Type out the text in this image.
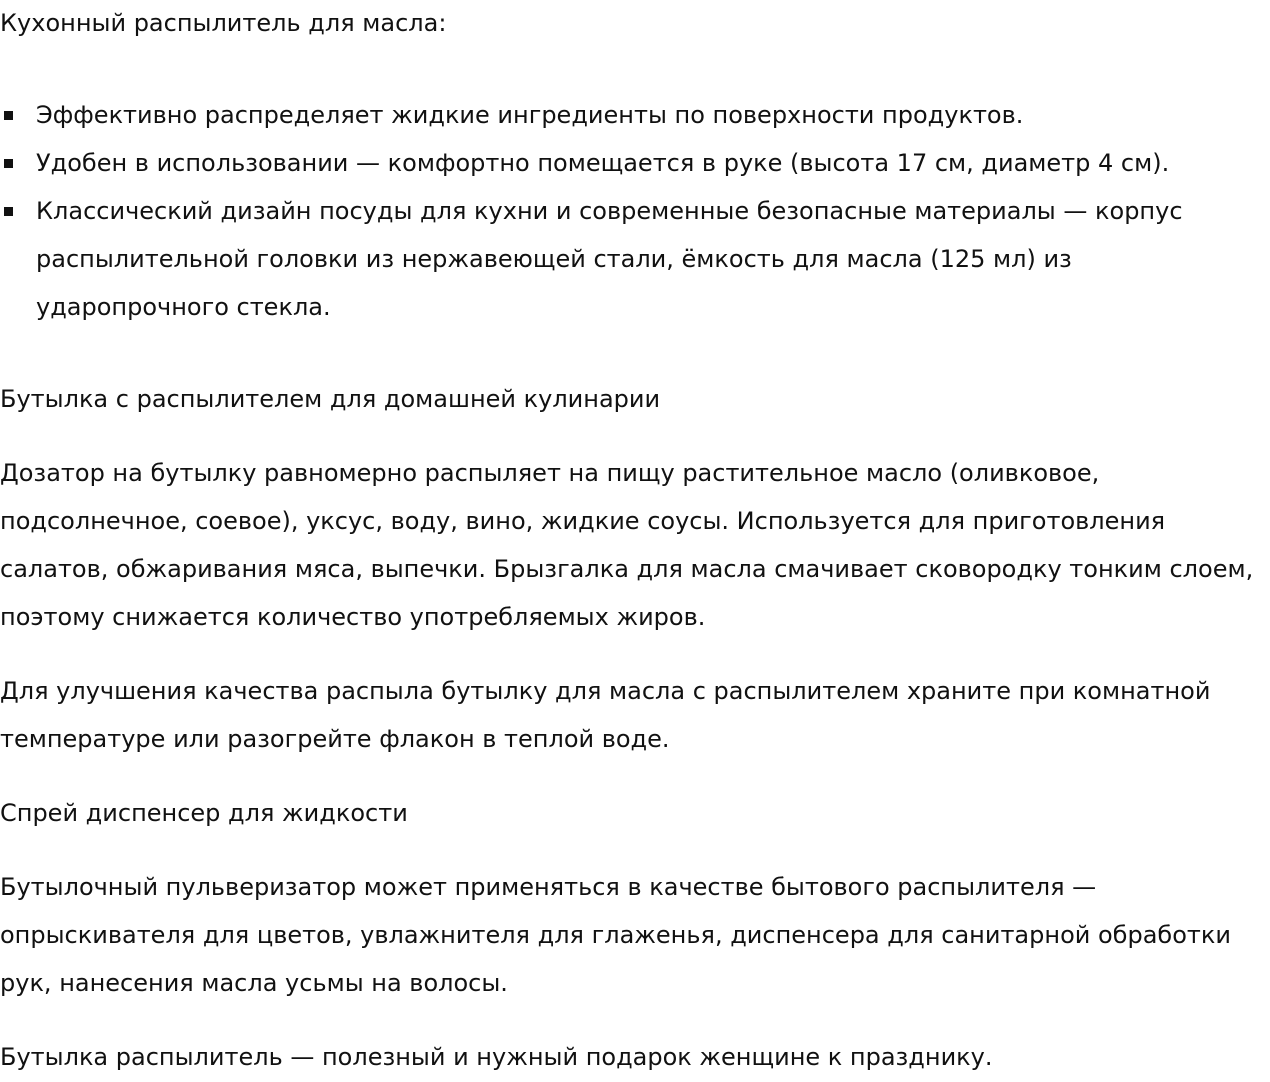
Кухонный распылитель для масла:

Эффективно распределяет жидкие ингредиенты по поверхности продуктов.
Удобен в использовании — комфортно помещается в руке (высота 17 см, диаметр 4 см).
Классический дизайн посуды для кухни и современные безопасные материалы — корпус распылительной головки из нержавеющей стали, ёмкость для масла (125 мл) из ударопрочного стекла.

Бутылка с распылителем для домашней кулинарии

Дозатор на бутылку равномерно распыляет на пищу растительное масло (оливковое, подсолнечное, соевое), уксус, воду, вино, жидкие соусы. Используется для приготовления салатов, обжаривания мяса, выпечки. Брызгалка для масла смачивает сковородку тонким слоем, поэтому снижается количество употребляемых жиров.

Для улучшения качества распыла бутылку для масла с распылителем храните при комнатной температуре или разогрейте флакон в теплой воде.

Спрей диспенсер для жидкости

Бутылочный пульверизатор может применяться в качестве бытового распылителя — опрыскивателя для цветов, увлажнителя для глаженья, диспенсера для санитарной обработки рук, нанесения масла усьмы на волосы.

Бутылка распылитель — полезный и нужный подарок женщине к празднику.
